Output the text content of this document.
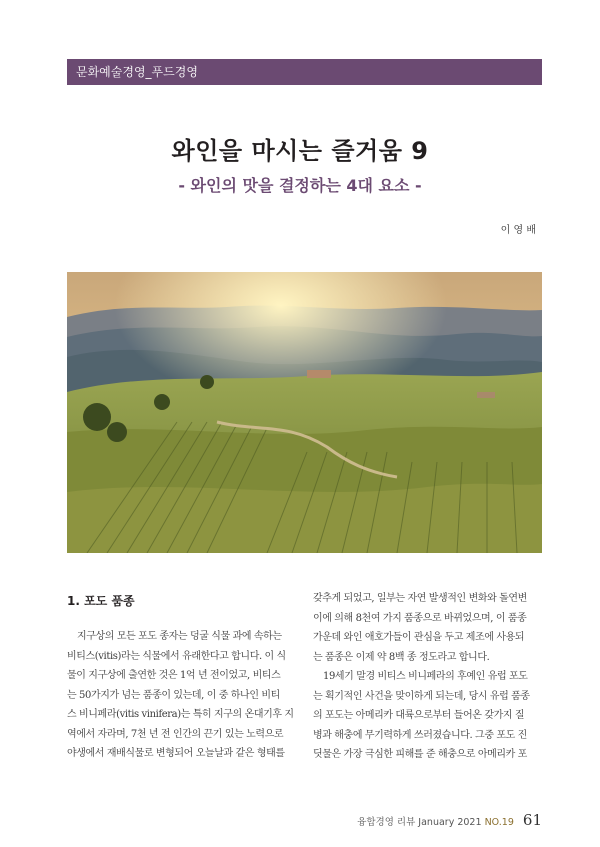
문화예술경영_푸드경영
와인을 마시는 즐거움 9
- 와인의 맛을 결정하는 4대 요소 -
이 영 배
1. 포도 품종

지구상의 모든 포도 종자는 덩굴 식물 과에 속하는

비티스(vitis)라는 식물에서 유래한다고 합니다. 이 식

물이 지구상에 출연한 것은 1억 년 전이었고, 비티스

는 50가지가 넘는 품종이 있는데, 이 중 하나인 비티

스 비니페라(vitis vinifera)는 특히 지구의 온대기후 지

역에서 자라며, 7천 년 전 인간의 끈기 있는 노력으로

야생에서 재배식물로 변형되어 오늘날과 같은 형태를

갖추게 되었고, 일부는 자연 발생적인 변화와 돌연변

이에 의해 8천여 가지 품종으로 바뀌었으며, 이 품종

가운데 와인 애호가들이 관심을 두고 제조에 사용되

는 품종은 이제 약 8백 종 정도라고 합니다.

19세기 말경 비티스 비니페라의 후예인 유럽 포도

는 획기적인 사건을 맞이하게 되는데, 당시 유럽 품종

의 포도는 아메리카 대륙으로부터 들어온 갖가지 질

병과 해충에 무기력하게 쓰러졌습니다. 그중 포도 진

딧물은 가장 극심한 피해를 준 해충으로 아메리카 포

융합경영 리뷰 January 2021 NO.19 61
